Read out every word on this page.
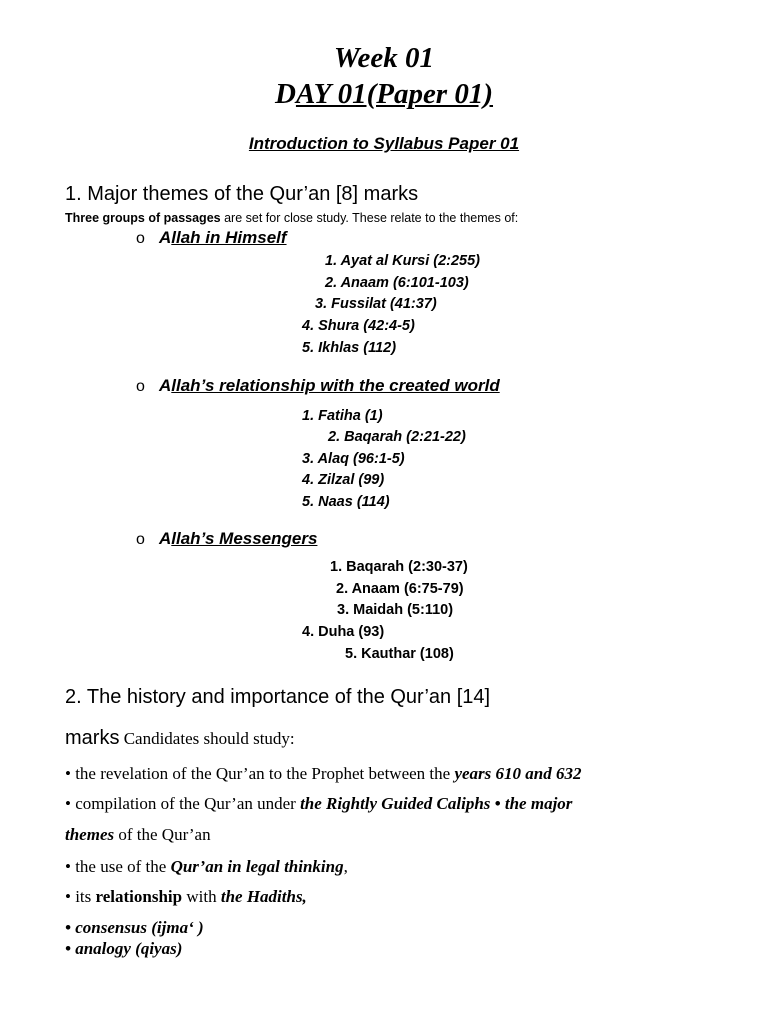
Week 01
DAY 01(Paper 01)
Introduction to Syllabus Paper 01
1. Major themes of the Qur’an [8] marks
Three groups of passages are set for close study. These relate to the themes of:
o Allah in Himself
1. Ayat al Kursi (2:255)
2. Anaam (6:101-103)
3. Fussilat (41:37)
4. Shura (42:4-5)
5. Ikhlas (112)
o Allah’s relationship with the created world
1. Fatiha (1)
2. Baqarah (2:21-22)
3. Alaq (96:1-5)
4. Zilzal (99)
5. Naas (114)
o Allah’s Messengers
1. Baqarah (2:30-37)
2. Anaam (6:75-79)
3. Maidah (5:110)
4. Duha (93)
5. Kauthar (108)
2. The history and importance of the Qur’an [14]
marks Candidates should study:
• the revelation of the Qur’an to the Prophet between the years 610 and 632
• compilation of the Qur’an under the Rightly Guided Caliphs • the major
themes of the Qur’an
• the use of the Qur’an in legal thinking,
• its relationship with the Hadiths,
• consensus (ijma‘ )
• analogy (qiyas)
